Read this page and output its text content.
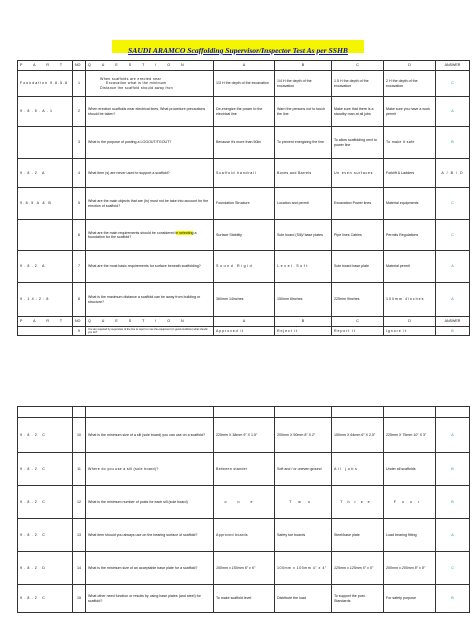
SAUDI ARAMCO Scaffolding Supervisor/Inspector Test As per SSHB
P A R T	NO	Q U E S T I O N	A	B	C	D	ANSWER
Foundation 9.8.5.8	1	When scaffolds are erected near
Excavation what is the minimum
Distance the scaffold should away fron	1/3 H the depth of the excavation	1/4 H the depth of the excavation	1.5 H the depth of the excavation	2 H the depth of the excavation	C
9.8.5.A.1	2	When erection scaffolds near electrical lines, What procedure precautions should be taken?	De-energize the power to the electrical line	Warn the persons not to touch the line	Make sure that there is a standby man at all jobs	Make sure you have a work permit	A
	3	What is the purpose of posting a LOGOUT/TGOUT?	Because it's more than 50kv	To prevent energizing the line	To allow scaffolding next to power line	To make it safe	B
9.8.2 A	4	What item (s) are never used to support a scaffold?	Scaffold handrail	Boxes and Barrels	Un even surfaces	Forklift & Ladders	A / B / D
9.8.5 A & B	5	What are the main objects that are (Is) must not be take into account for the erection of scaffold?	Foundation Structure	Location and permit	Excavation Power lines	Material equipments	C
	6	What are the main requirements should be considered in selecting a foundation for the scaffold?	Surface Stability	Sole board (Sill)/ base plates	Pipe lines Cables	Permits Regulations	C
9.8.2 A	7	What are the most basic requirements for surface beneath scaffolding?	Sound Rigid	Level Soft	Sole board base plate	Material permit	A
9.14.2.8	8	What is the maximum distance a scaffold can be away from building or structure?	360mm 14inches	150mm 6inches	225mm 9inches	100mm 4inches	A
P A R T	NO	Q U E S T I O N	A	B	C	D	ANSWER
	9	You are required by supervisor of the line to report or use the equipment (in good condition) what should you do?	Approved it	Reject it	Report it	Ignore it	B

9.8.2 C	10	What is the minimum size of a sill (sole board) you can use on a scaffold?	225mm X 38mm 9" X 1.5"	200mm X 50mm 8" X 2"	150mm X 64mm 6" X 2.5"	225mm X 75mm 10" X 3"	A
9.8.2 C	11	Where do you use a sill (sole board)?	Between stander	Soft and / or uneven ground	All jobs	Under all scaffolds	B
9.8.2 C	12	What is the minimum number of posts for each sill (sole board)	one	Two	Three	Four	B
9.8.2 C	13	What item should you always use on the bearing surface of scaffold?	Approved boards	Safety toe boards	Steel/base plate	Load bearing fitting	A
9.8.2 D	14	What is the minimum size of an acceptable base plate for a scaffold?	150mm x 150mm 6" x 6"	100mm x 100mm 4" x 4"	125mm x 125mm 5" x 5"	200mm x 200mm 8" x 8"	C
9.8.2 C	15	What other need function or results by using base plates (and steel) for scaffold?	To make scaffold level	Distribute the load	To support the post. Standards	For safety purpose	B
